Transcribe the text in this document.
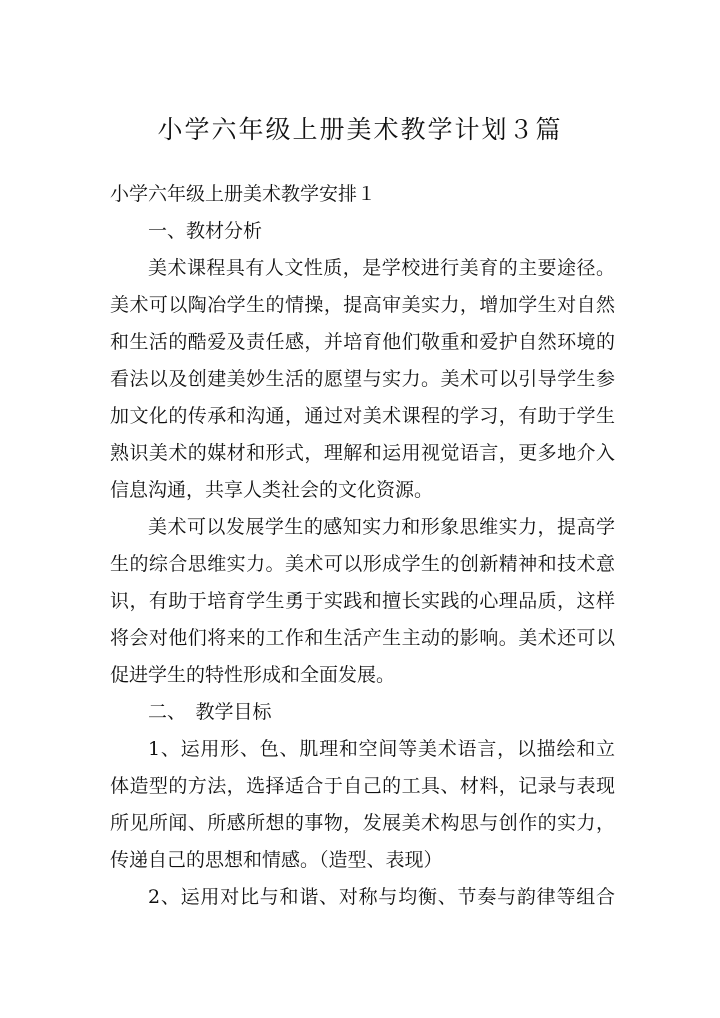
小学六年级上册美术教学计划３篇
小学六年级上册美术教学安排１
一、教材分析
美术课程具有人文性质，是学校进行美育的主要途径。
美术可以陶冶学生的情操，提高审美实力，增加学生对自然
和生活的酷爱及责任感，并培育他们敬重和爱护自然环境的
看法以及创建美妙生活的愿望与实力。美术可以引导学生参
加文化的传承和沟通，通过对美术课程的学习，有助于学生
熟识美术的媒材和形式，理解和运用视觉语言，更多地介入
信息沟通，共享人类社会的文化资源。
美术可以发展学生的感知实力和形象思维实力，提高学
生的综合思维实力。美术可以形成学生的创新精神和技术意
识，有助于培育学生勇于实践和擅长实践的心理品质，这样
将会对他们将来的工作和生活产生主动的影响。美术还可以
促进学生的特性形成和全面发展。
二、　教学目标
1、运用形、色、肌理和空间等美术语言，以描绘和立
体造型的方法，选择适合于自己的工具、材料，记录与表现
所见所闻、所感所想的事物，发展美术构思与创作的实力，
传递自己的思想和情感。（造型、表现）
2、运用对比与和谐、对称与均衡、节奏与韵律等组合
